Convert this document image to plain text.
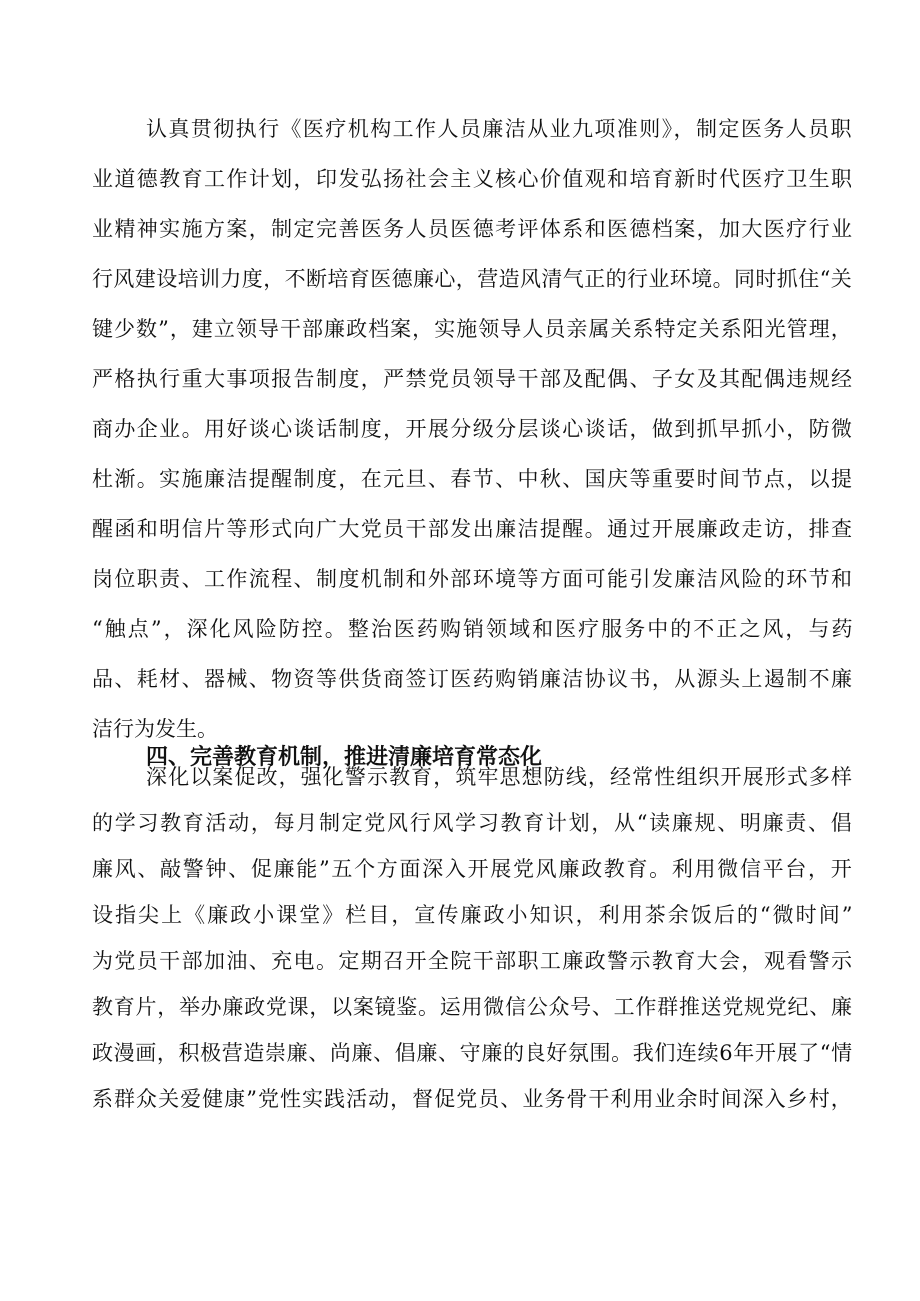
认真贯彻执行《医疗机构工作人员廉洁从业九项准则》，制定医务人员职
业道德教育工作计划，印发弘扬社会主义核心价值观和培育新时代医疗卫生职
业精神实施方案，制定完善医务人员医德考评体系和医德档案，加大医疗行业
行风建设培训力度，不断培育医德廉心，营造风清气正的行业环境。同时抓住“关
键少数”，建立领导干部廉政档案，实施领导人员亲属关系特定关系阳光管理，
严格执行重大事项报告制度，严禁党员领导干部及配偶、子女及其配偶违规经
商办企业。用好谈心谈话制度，开展分级分层谈心谈话，做到抓早抓小，防微
杜渐。实施廉洁提醒制度，在元旦、春节、中秋、国庆等重要时间节点，以提
醒函和明信片等形式向广大党员干部发出廉洁提醒。通过开展廉政走访，排查
岗位职责、工作流程、制度机制和外部环境等方面可能引发廉洁风险的环节和
“触点”，深化风险防控。整治医药购销领域和医疗服务中的不正之风，与药
品、耗材、器械、物资等供货商签订医药购销廉洁协议书，从源头上遏制不廉
洁行为发生。
四、完善教育机制，推进清廉培育常态化
深化以案促改，强化警示教育，筑牢思想防线，经常性组织开展形式多样
的学习教育活动，每月制定党风行风学习教育计划，从“读廉规、明廉责、倡
廉风、敲警钟、促廉能”五个方面深入开展党风廉政教育。利用微信平台，开
设指尖上《廉政小课堂》栏目，宣传廉政小知识，利用茶余饭后的“微时间”
为党员干部加油、充电。定期召开全院干部职工廉政警示教育大会，观看警示
教育片，举办廉政党课，以案镜鉴。运用微信公众号、工作群推送党规党纪、廉
政漫画，积极营造崇廉、尚廉、倡廉、守廉的良好氛围。我们连续6年开展了“情
系群众关爱健康”党性实践活动，督促党员、业务骨干利用业余时间深入乡村，
